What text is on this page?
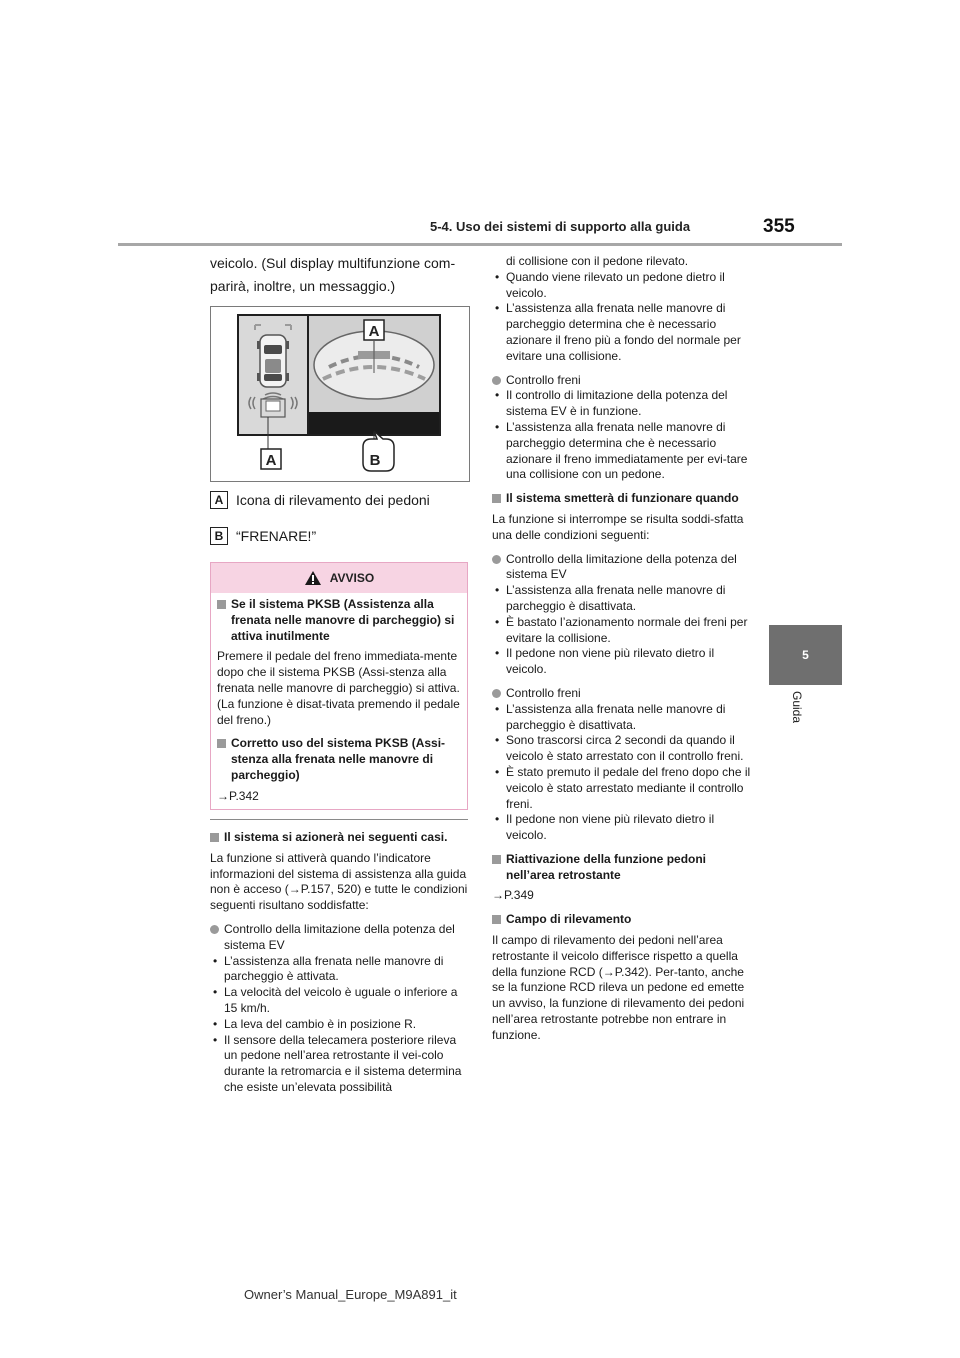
5-4. Uso dei sistemi di supporto alla guida	355
5
Guida

veicolo. (Sul display multifunzione com-

parirà, inoltre, un messaggio.)

A
A	B
A Icona di rilevamento dei pedoni
B “FRENARE!”
AVVISO

Se il sistema PKSB (Assistenza alla frenata nelle manovre di parcheggio) si attiva inutilmente

Premere il pedale del freno immediata-mente dopo che il sistema PKSB (Assi-stenza alla frenata nelle manovre di parcheggio) si attiva. (La funzione è disat-tivata premendo il pedale del freno.)

Corretto uso del sistema PKSB (Assi-stenza alla frenata nelle manovre di parcheggio)

→P.342

Il sistema si azionerà nei seguenti casi.

La funzione si attiverà quando l’indicatore informazioni del sistema di assistenza alla guida non è acceso (→P.157, 520) e tutte le condizioni seguenti risultano soddisfatte:

Controllo della limitazione della potenza del sistema EV

• L’assistenza alla frenata nelle manovre di parcheggio è attivata.

• La velocità del veicolo è uguale o inferiore a 15 km/h.

• La leva del cambio è in posizione R.

• Il sensore della telecamera posteriore rileva un pedone nell’area retrostante il vei-colo durante la retromarcia e il sistema determina che esiste un’elevata possibilità

di collisione con il pedone rilevato.

• Quando viene rilevato un pedone dietro il veicolo.

• L’assistenza alla frenata nelle manovre di parcheggio determina che è necessario azionare il freno più a fondo del normale per evitare una collisione.

Controllo freni

• Il controllo di limitazione della potenza del sistema EV è in funzione.

• L’assistenza alla frenata nelle manovre di parcheggio determina che è necessario azionare il freno immediatamente per evi-tare una collisione con un pedone.

Il sistema smetterà di funzionare quando

La funzione si interrompe se risulta soddi-sfatta una delle condizioni seguenti:

Controllo della limitazione della potenza del sistema EV

• L’assistenza alla frenata nelle manovre di parcheggio è disattivata.

• È bastato l’azionamento normale dei freni per evitare la collisione.

• Il pedone non viene più rilevato dietro il veicolo.

Controllo freni

• L’assistenza alla frenata nelle manovre di parcheggio è disattivata.

• Sono trascorsi circa 2 secondi da quando il veicolo è stato arrestato con il controllo freni.

• È stato premuto il pedale del freno dopo che il veicolo è stato arrestato mediante il controllo freni.

• Il pedone non viene più rilevato dietro il veicolo.

Riattivazione della funzione pedoni nell’area retrostante

→P.349

Campo di rilevamento

Il campo di rilevamento dei pedoni nell’area retrostante il veicolo differisce rispetto a quella della funzione RCD (→P.342). Per-tanto, anche se la funzione RCD rileva un pedone ed emette un avviso, la funzione di rilevamento dei pedoni nell’area retrostante potrebbe non entrare in funzione.

Owner’s Manual_Europe_M9A891_it
